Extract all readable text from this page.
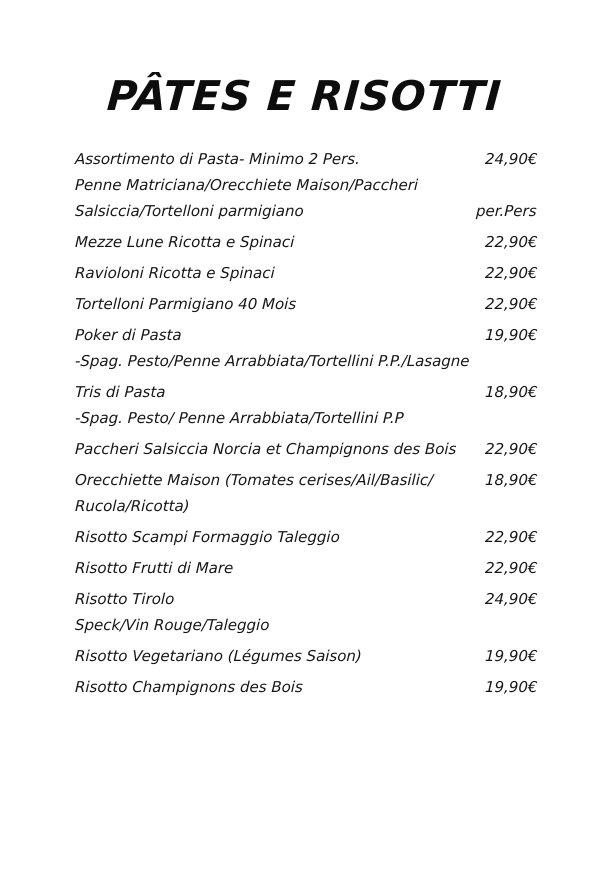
PÂTES E RISOTTI
Assortimento di Pasta- Minimo 2 Pers.	24,90€
Penne Matriciana/Orecchiete Maison/Paccheri
Salsiccia/Tortelloni parmigiano	per.Pers
Mezze Lune Ricotta e Spinaci	22,90€
Ravioloni Ricotta e Spinaci	22,90€
Tortelloni Parmigiano 40 Mois	22,90€
Poker di Pasta	19,90€
-Spag. Pesto/Penne Arrabbiata/Tortellini P.P./Lasagne
Tris di Pasta	18,90€
-Spag. Pesto/ Penne Arrabbiata/Tortellini P.P
Paccheri Salsiccia Norcia et Champignons des Bois 22,90€
Orecchiette Maison (Tomates cerises/Ail/Basilic/	18,90€
Rucola/Ricotta)
Risotto Scampi Formaggio Taleggio	22,90€
Risotto Frutti di Mare	22,90€
Risotto Tirolo	24,90€
Speck/Vin Rouge/Taleggio
Risotto Vegetariano (Légumes Saison)	19,90€
Risotto Champignons des Bois	19,90€
